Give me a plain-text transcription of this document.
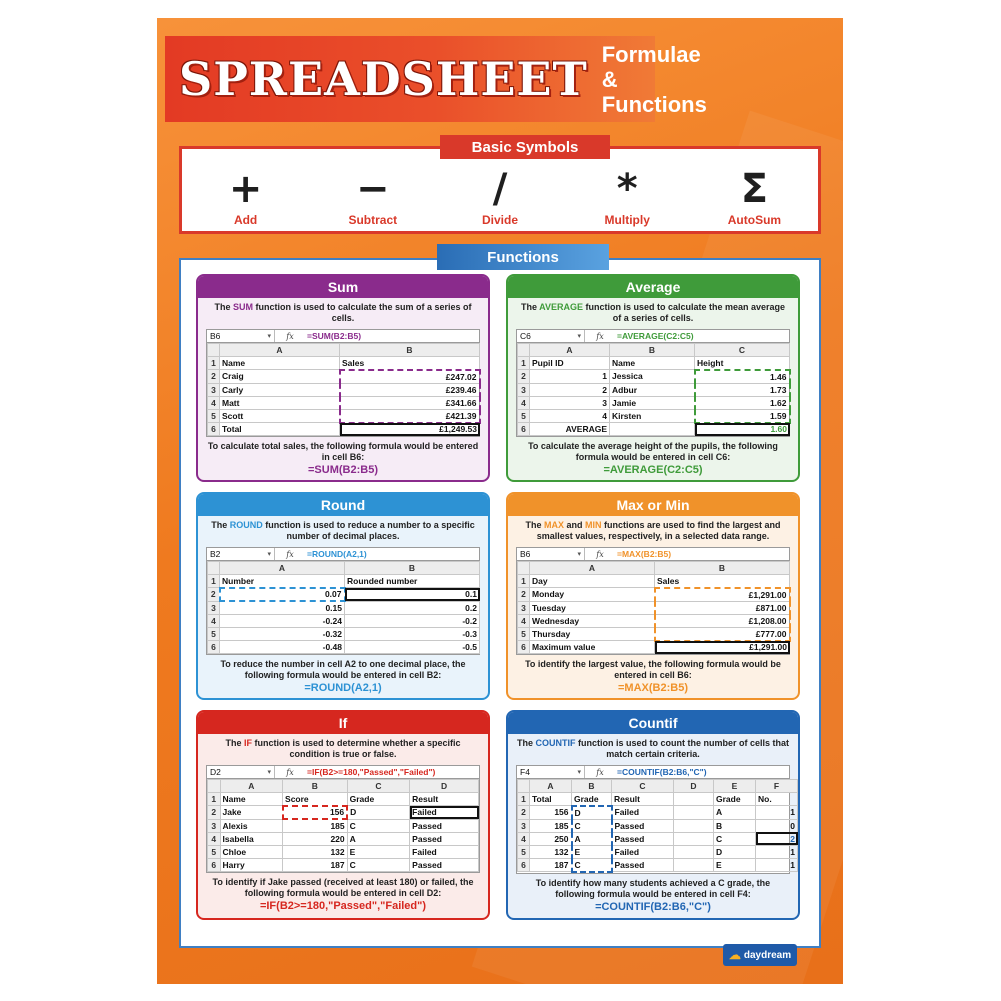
SPREADSHEET Formulae
& Functions
Basic Symbols
+
Add
−
Subtract
/
Divide
*
Multiply
Σ
AutoSum
Functions
Sum
The SUM function is used to calculate the sum of a series of cells.
B6 ▾	fx	=SUM(B2:B5)
	A	B
1	Name	Sales
2	Craig	£247.02
3	Carly	£239.46
4	Matt	£341.66
5	Scott	£421.39
6	Total	£1,249.53
To calculate total sales, the following formula would be entered in cell B6:
=SUM(B2:B5)
Average
The AVERAGE function is used to calculate the mean average of a series of cells.
C6 ▾	fx	=AVERAGE(C2:C5)
	A	B	C
1	Pupil ID	Name	Height
2	1	Jessica	1.46
3	2	Adbur	1.73
4	3	Jamie	1.62
5	4	Kirsten	1.59
6	AVERAGE		1.60
To calculate the average height of the pupils, the following formula would be entered in cell C6:
=AVERAGE(C2:C5)
Round
The ROUND function is used to reduce a number to a specific number of decimal places.
B2 ▾	fx	=ROUND(A2,1)
	A	B
1	Number	Rounded number
2	0.07	0.1
3	0.15	0.2
4	-0.24	-0.2
5	-0.32	-0.3
6	-0.48	-0.5
To reduce the number in cell A2 to one decimal place, the following formula would be entered in cell B2:
=ROUND(A2,1)
Max or Min
The MAX and MIN functions are used to find the largest and smallest values, respectively, in a selected data range.
B6 ▾	fx	=MAX(B2:B5)
	A	B
1	Day	Sales
2	Monday	£1,291.00
3	Tuesday	£871.00
4	Wednesday	£1,208.00
5	Thursday	£777.00
6	Maximum value	£1,291.00
To identify the largest value, the following formula would be entered in cell B6:
=MAX(B2:B5)
If
The IF function is used to determine whether a specific condition is true or false.
D2 ▾	fx	=IF(B2>=180,"Passed","Failed")
	A	B	C	D
1	Name	Score	Grade	Result
2	Jake	156	D	Failed
3	Alexis	185	C	Passed
4	Isabella	220	A	Passed
5	Chloe	132	E	Failed
6	Harry	187	C	Passed
To identify if Jake passed (received at least 180) or failed, the following formula would be entered in cell D2:
=IF(B2>=180,"Passed","Failed")
Countif
The COUNTIF function is used to count the number of cells that match certain criteria.
F4 ▾	fx	=COUNTIF(B2:B6,"C")
	A	B	C	D	E	F
1	Total	Grade	Result		Grade	No.
2	156	D	Failed		A	1
3	185	C	Passed		B	0
4	250	A	Passed		C	2
5	132	E	Failed		D	1
6	187	C	Passed		E	1
To identify how many students achieved a C grade, the following formula would be entered in cell F4:
=COUNTIF(B2:B6,"C")
☁ daydream
